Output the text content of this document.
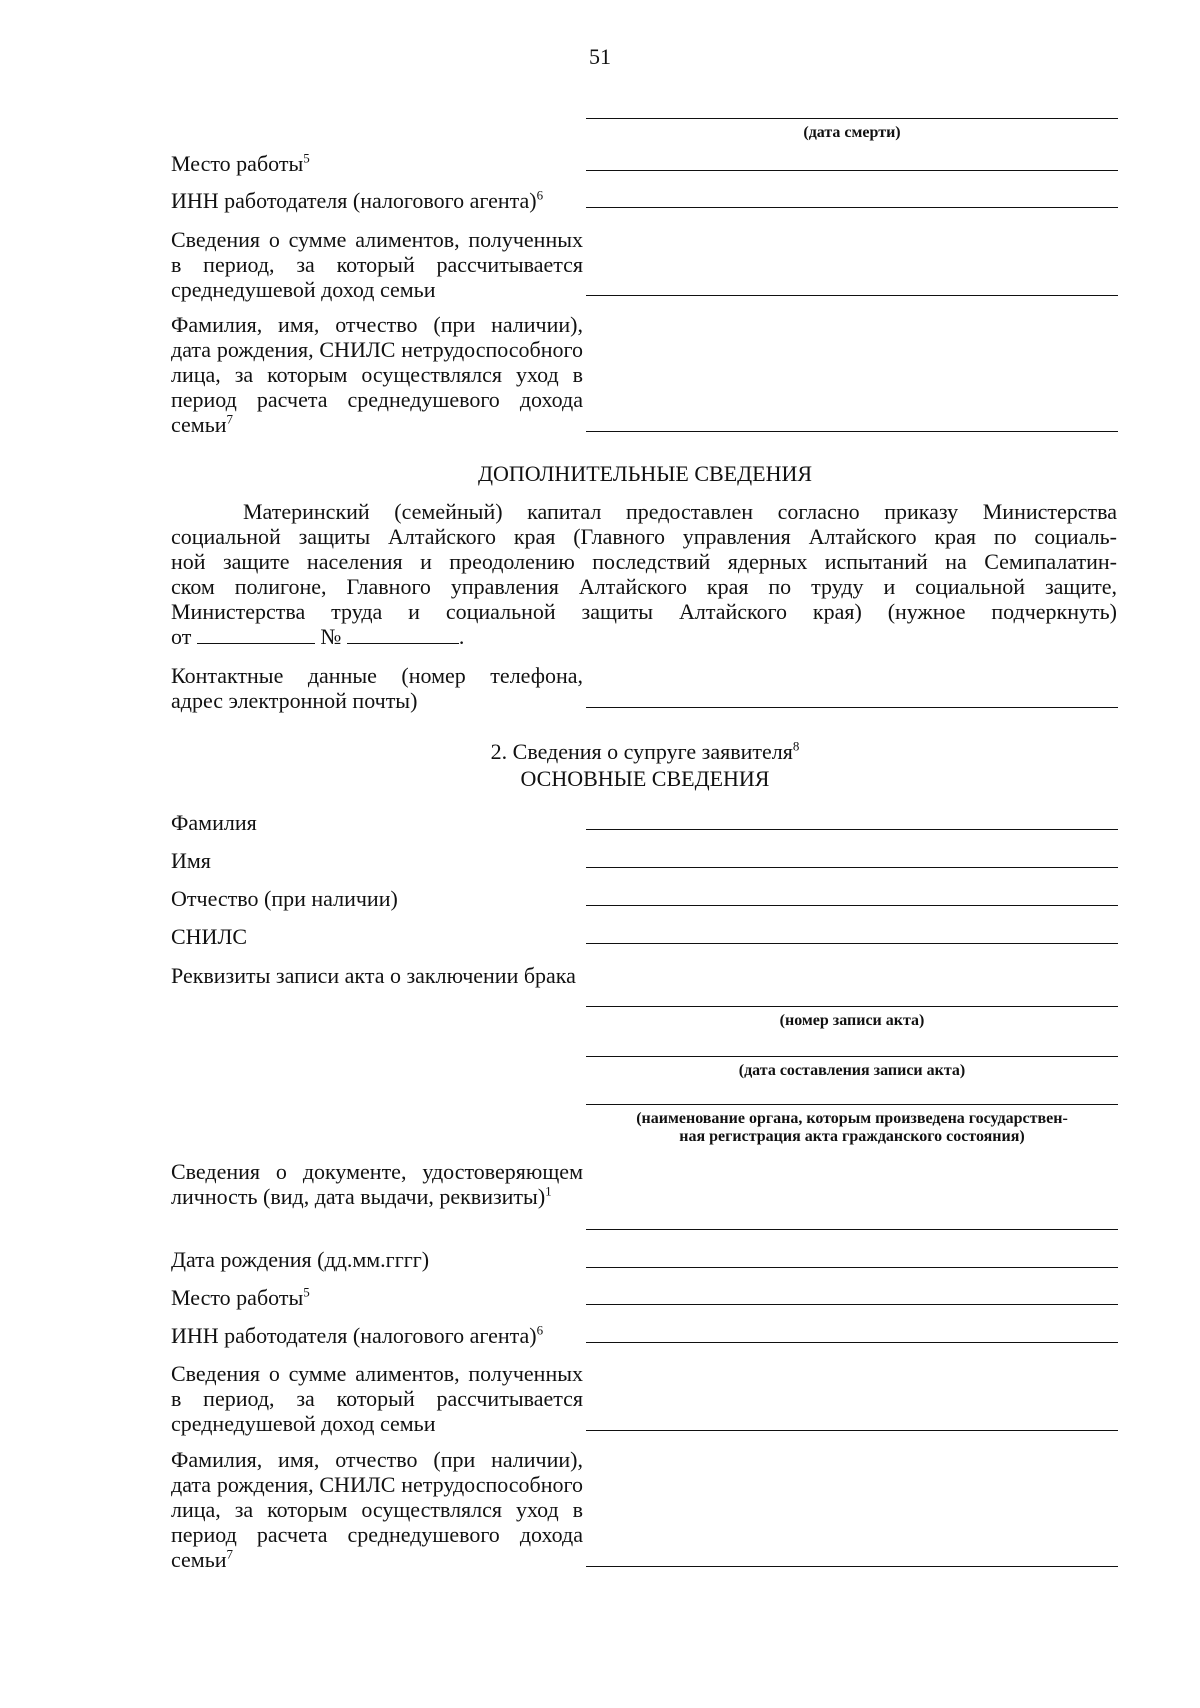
51
(дата смерти)
Место работы$^5$
ИНН работодателя (налогового агента)$^6$
Сведения о сумме алиментов, полученных в период, за который рассчитывается среднедушевой доход семьи
Фамилия, имя, отчество (при наличии), дата рождения, СНИЛС нетрудоспособного лица, за которым осуществлялся уход в период расчета среднедушевого дохода семьи$^7$
ДОПОЛНИТЕЛЬНЫЕ СВЕДЕНИЯ
Материнский (семейный) капитал предоставлен согласно приказу Министерства
социальной защиты Алтайского края (Главного управления Алтайского края по социаль-
ной защите населения и преодолению последствий ядерных испытаний на Семипалатин-
ском полигоне, Главного управления Алтайского края по труду и социальной защите,
Министерства труда и социальной защиты Алтайского края) (нужное подчеркнуть)
от	№	.
Контактные данные (номер телефона, адрес электронной почты)
2. Сведения о супруге заявителя$^8$
ОСНОВНЫЕ СВЕДЕНИЯ
Фамилия
Имя
Отчество (при наличии)
СНИЛС
Реквизиты записи акта о заключении брака
(номер записи акта)
(дата составления записи акта)
(наименование органа, которым произведена государствен-
ная регистрация акта гражданского состояния)
Сведения о документе, удостоверяющем личность (вид, дата выдачи, реквизиты)$^1$
Дата рождения (дд.мм.гггг)
Место работы$^5$
ИНН работодателя (налогового агента)$^6$
Сведения о сумме алиментов, полученных в период, за который рассчитывается среднедушевой доход семьи
Фамилия, имя, отчество (при наличии), дата рождения, СНИЛС нетрудоспособного лица, за которым осуществлялся уход в период расчета среднедушевого дохода семьи$^7$
